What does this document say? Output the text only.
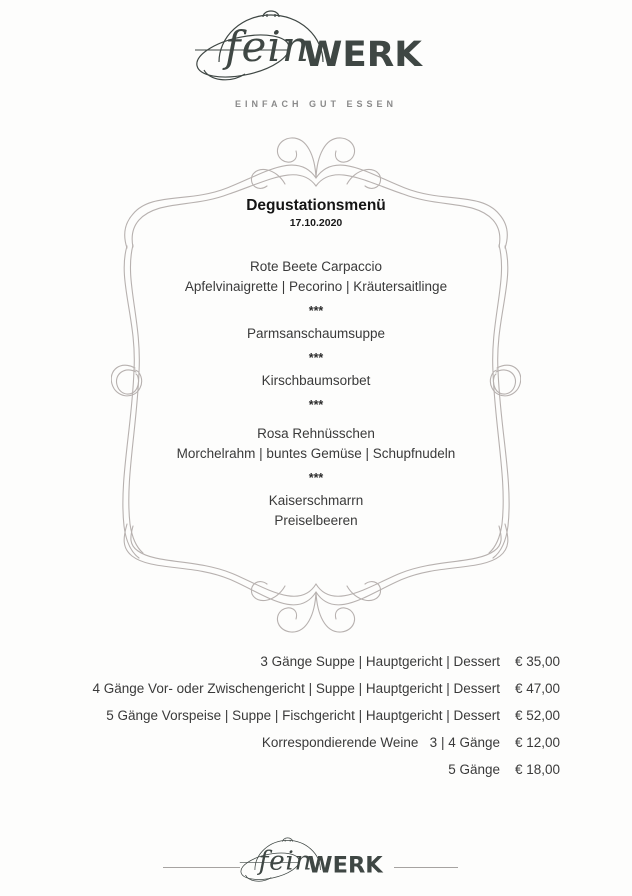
fein
WERK
EINFACH GUT ESSEN
Degustationsmenü
17.10.2020
Rote Beete Carpaccio
Apfelvinaigrette | Pecorino | Kräutersaitlinge
***
Parmsanschaumsuppe
***
Kirschbaumsorbet
***
Rosa Rehnüsschen
Morchelrahm | buntes Gemüse | Schupfnudeln
***
Kaiserschmarrn
Preiselbeeren
3 Gänge Suppe | Hauptgericht | Dessert	€ 35,00
4 Gänge Vor- oder Zwischengericht | Suppe | Hauptgericht | Dessert	€ 47,00
5 Gänge Vorspeise | Suppe | Fischgericht | Hauptgericht | Dessert	€ 52,00
Korrespondierende Weine   3 | 4 Gänge	€ 12,00
5 Gänge	€ 18,00
fein
WERK
